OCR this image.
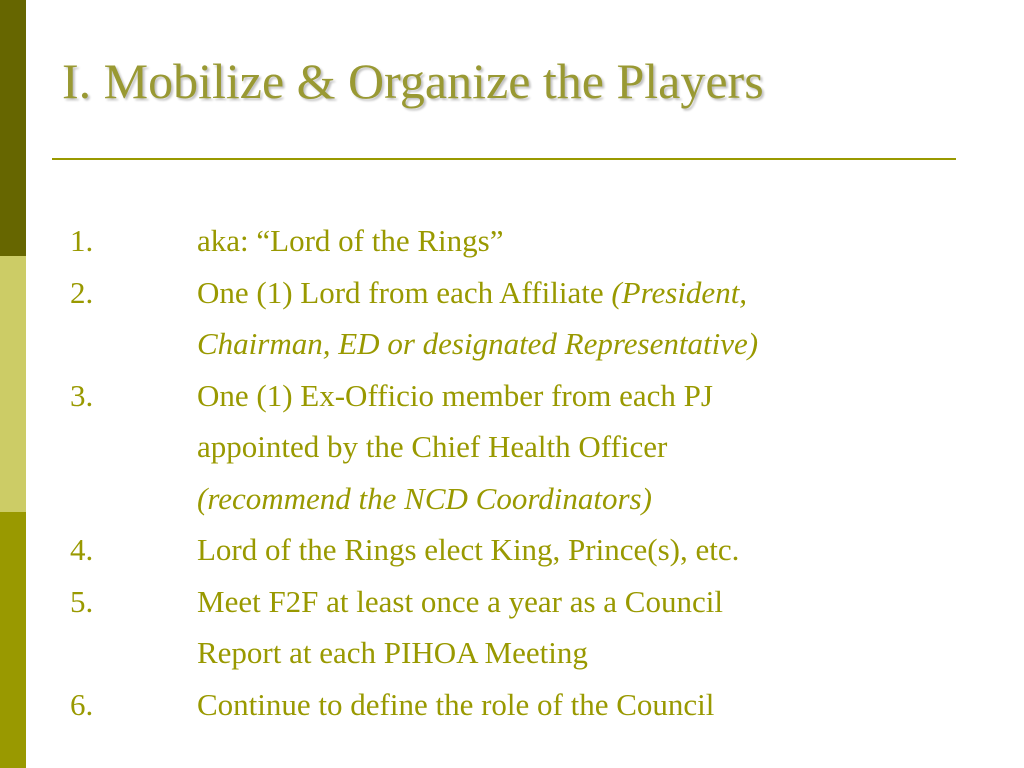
I. Mobilize & Organize the Players
1.	aka: “Lord of the Rings”
2.	One (1) Lord from each Affiliate (President,
Chairman, ED or designated Representative)
3.	One (1) Ex-Officio member from each PJ
appointed by the Chief Health Officer
(recommend the NCD Coordinators)
4.	Lord of the Rings elect King, Prince(s), etc.
5.	Meet F2F at least once a year as a Council
Report at each PIHOA Meeting
6.	Continue to define the role of the Council
